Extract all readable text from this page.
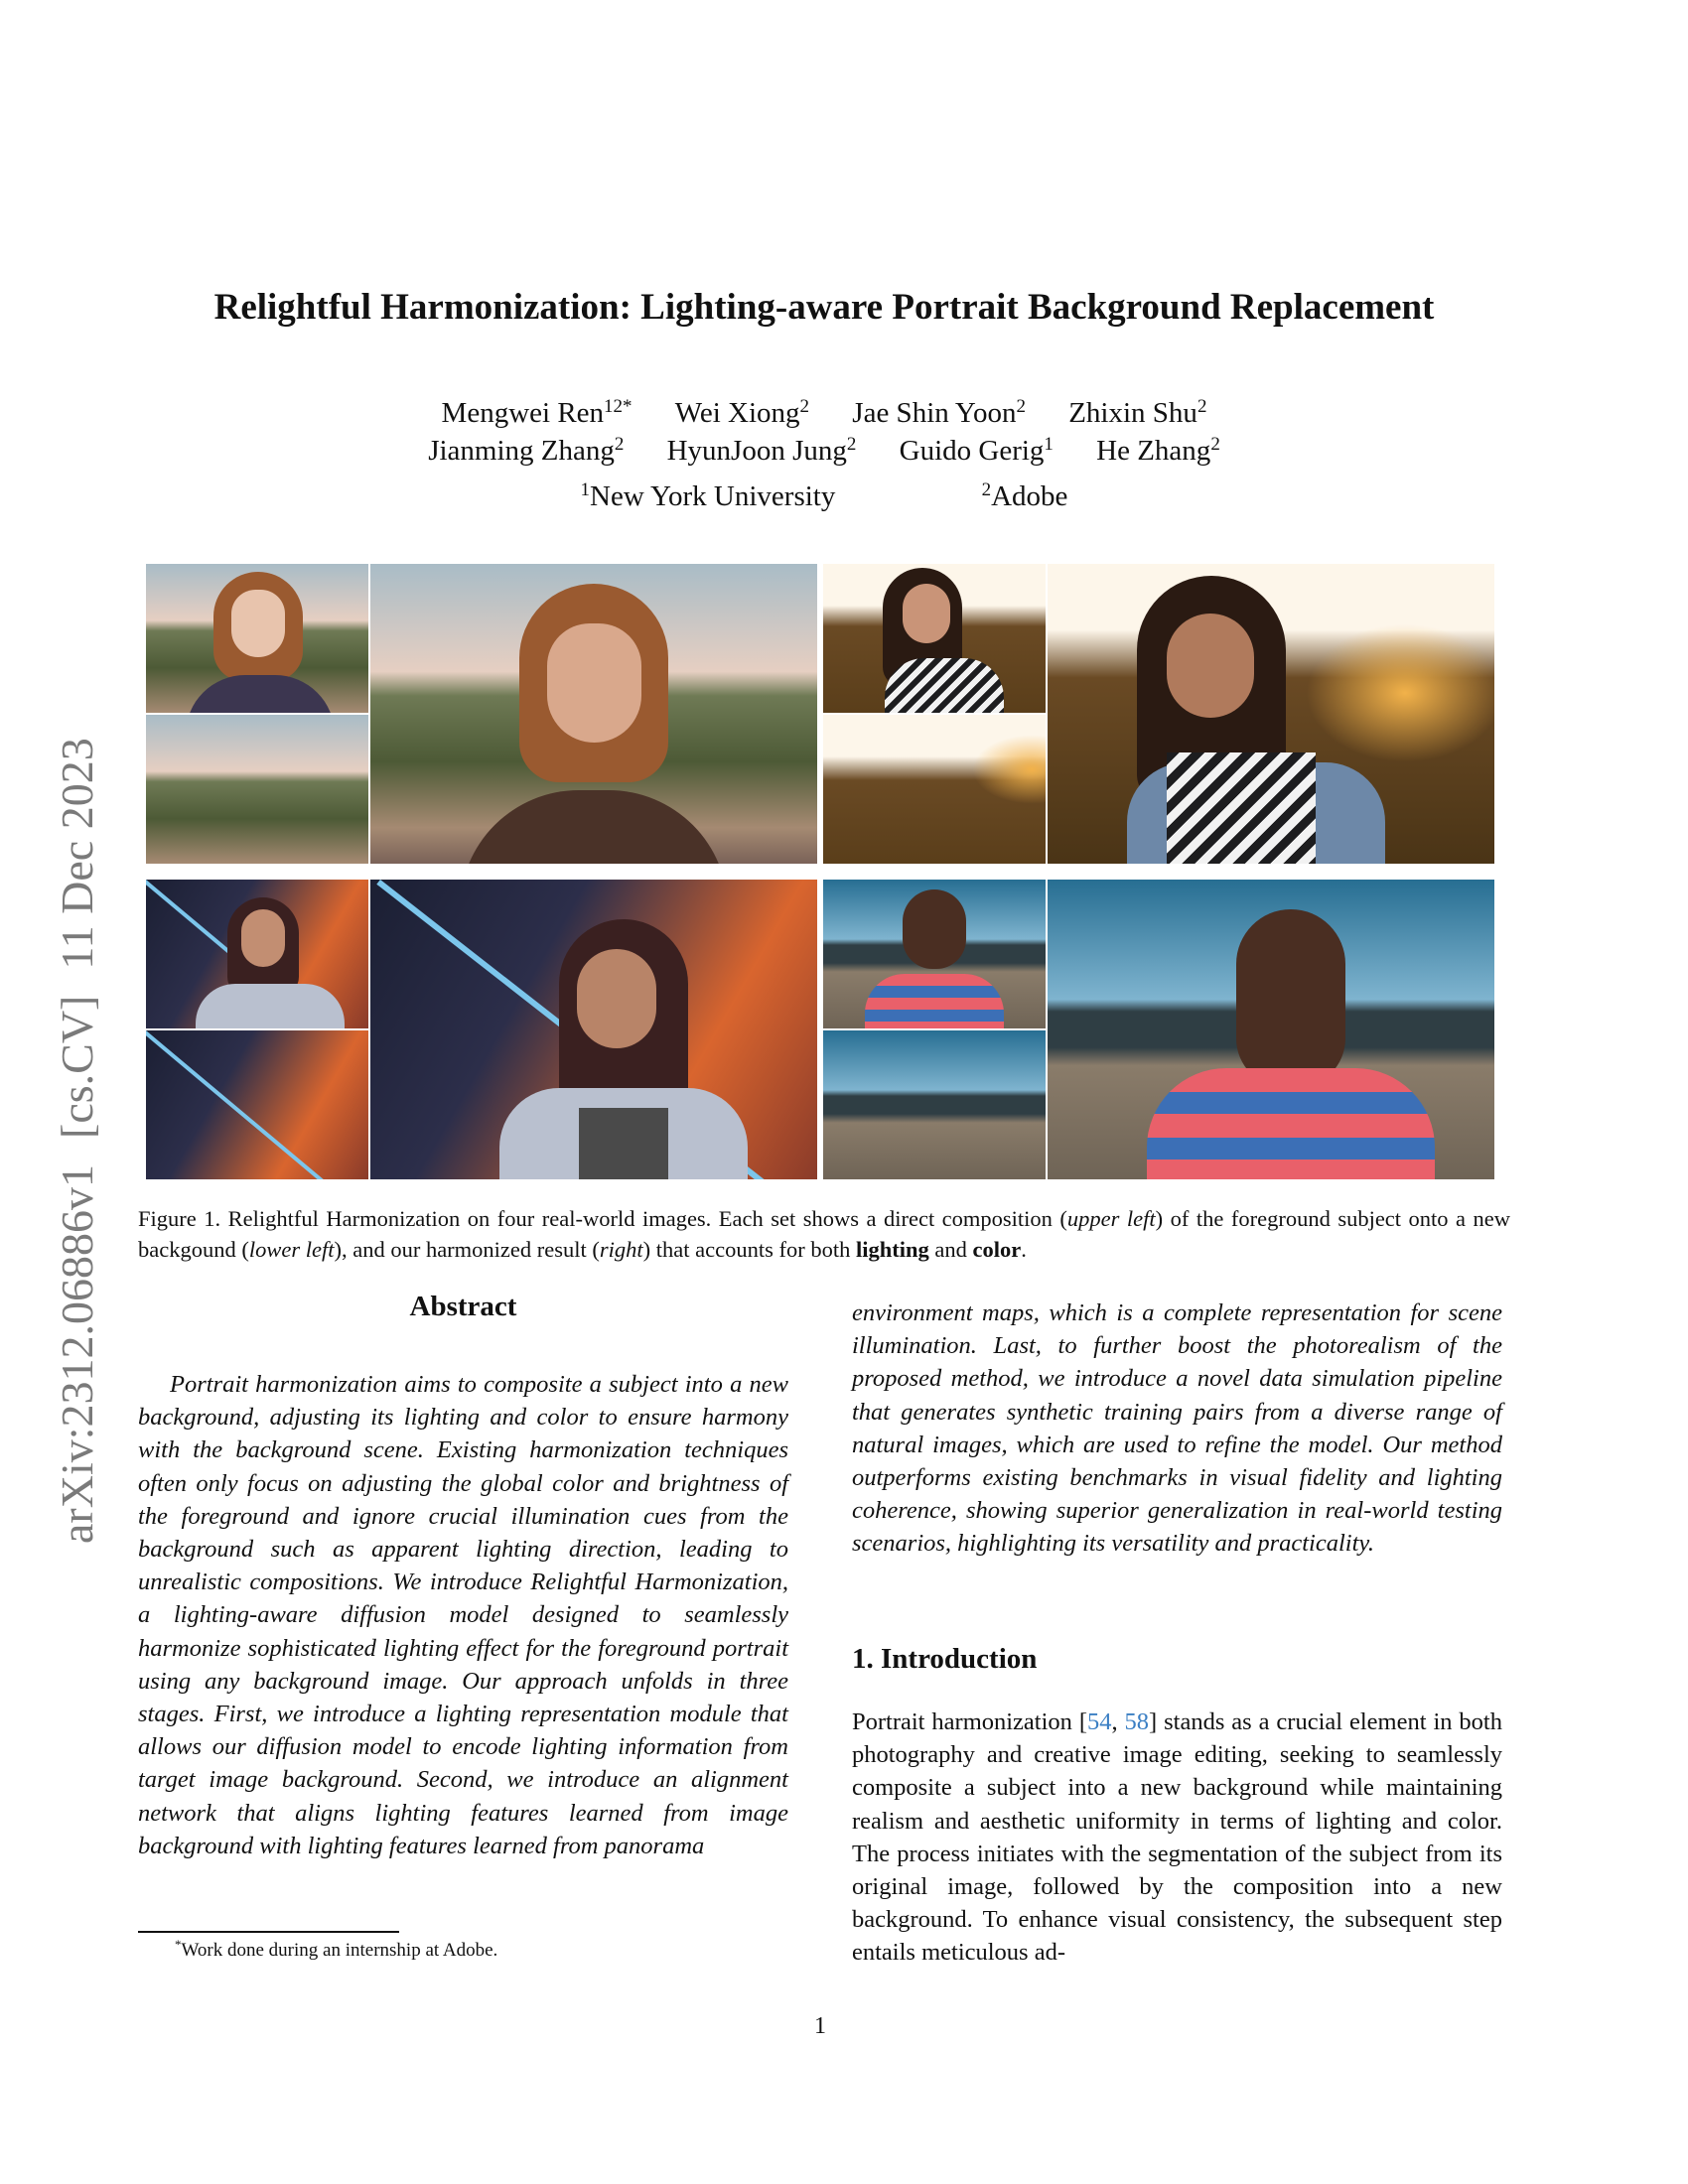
arXiv:2312.06886v1[cs.CV]11 Dec 2023
Relightful Harmonization: Lighting-aware Portrait Background Replacement
Mengwei Ren$^{12*}$ Wei Xiong$^2$ Jae Shin Yoon$^2$ Zhixin Shu$^2$
Jianming Zhang$^2$ HyunJoon Jung$^2$ Guido Gerig$^1$ He Zhang$^2$
$^1$New York University	$^2$Adobe
Figure 1. Relightful Harmonization on four real-world images. Each set shows a direct composition (upper left) of the foreground subject onto a new backgound (lower left), and our harmonized result (right) that accounts for both lighting and color.
Abstract
Portrait harmonization aims to composite a subject into a new background, adjusting its lighting and color to ensure harmony with the background scene. Existing harmonization techniques often only focus on adjusting the global color and brightness of the foreground and ignore crucial illumination cues from the background such as apparent lighting direction, leading to unrealistic compositions. We introduce Relightful Harmonization, a lighting-aware diffusion model designed to seamlessly harmonize sophisticated lighting effect for the foreground portrait using any background image. Our approach unfolds in three stages. First, we introduce a lighting representation module that allows our diffusion model to encode lighting information from target image background. Second, we introduce an alignment network that aligns lighting features learned from image background with lighting features learned from panorama
environment maps, which is a complete representation for scene illumination. Last, to further boost the photorealism of the proposed method, we introduce a novel data simulation pipeline that generates synthetic training pairs from a diverse range of natural images, which are used to refine the model. Our method outperforms existing benchmarks in visual fidelity and lighting coherence, showing superior generalization in real-world testing scenarios, highlighting its versatility and practicality.
1. Introduction
Portrait harmonization [54, 58] stands as a crucial element in both photography and creative image editing, seeking to seamlessly composite a subject into a new background while maintaining realism and aesthetic uniformity in terms of lighting and color. The process initiates with the segmentation of the subject from its original image, followed by the composition into a new background. To enhance visual consistency, the subsequent step entails meticulous ad-
*Work done during an internship at Adobe.
1
